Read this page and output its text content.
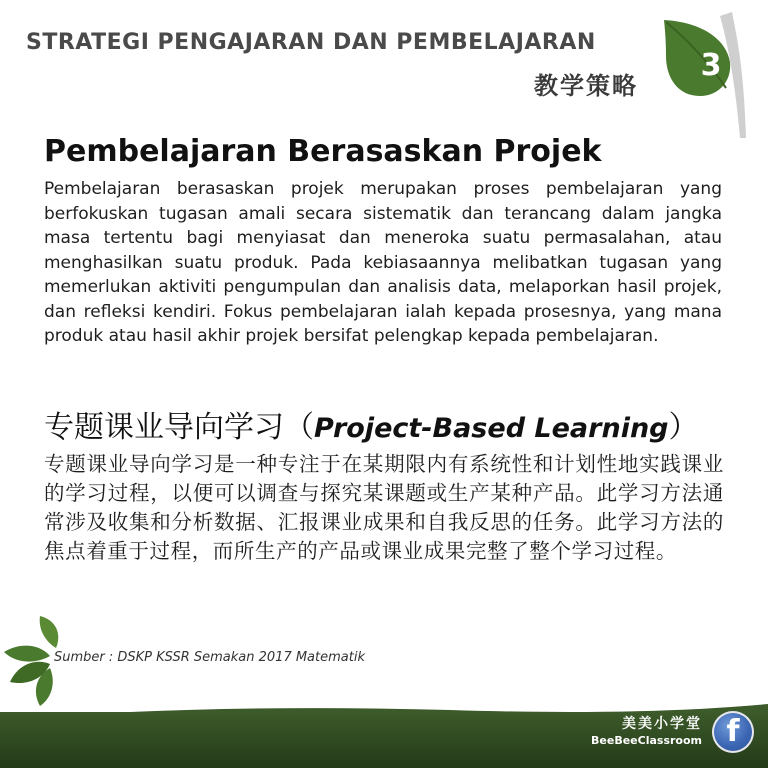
STRATEGI PENGAJARAN DAN PEMBELAJARAN
教学策略
3
Pembelajaran Berasaskan Projek
Pembelajaran berasaskan projek merupakan proses pembelajaran yang berfokuskan tugasan amali secara sistematik dan terancang dalam jangka masa tertentu bagi menyiasat dan meneroka suatu permasalahan, atau menghasilkan suatu produk. Pada kebiasaannya melibatkan tugasan yang memerlukan aktiviti pengumpulan dan analisis data, melaporkan hasil projek, dan refleksi kendiri. Fokus pembelajaran ialah kepada prosesnya, yang mana produk atau hasil akhir projek bersifat pelengkap kepada pembelajaran.
专题课业导向学习（Project-Based Learning）
专题课业导向学习是一种专注于在某期限内有系统性和计划性地实践课业的学习过程，以便可以调查与探究某课题或生产某种产品。此学习方法通常涉及收集和分析数据、汇报课业成果和自我反思的任务。此学习方法的焦点着重于过程，而所生产的产品或课业成果完整了整个学习过程。
Sumber : DSKP KSSR Semakan 2017 Matematik
美美小学堂
BeeBeeClassroom f
